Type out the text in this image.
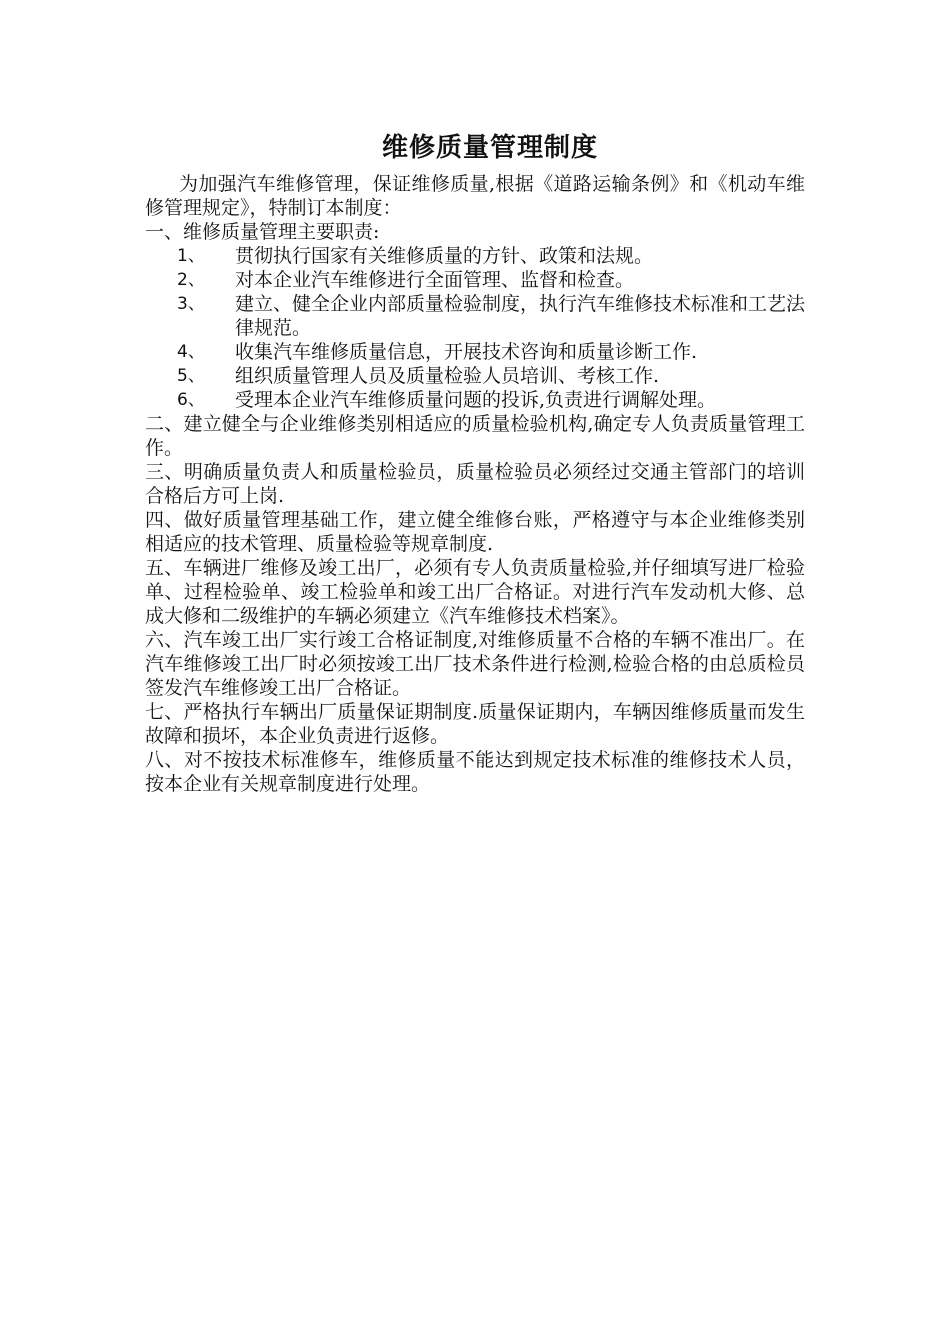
维修质量管理制度

为加强汽车维修管理，保证维修质量,根据《道路运输条例》和《机动车维修管理规定》，特制订本制度：

一、维修质量管理主要职责:

1、	贯彻执行国家有关维修质量的方针、政策和法规。
2、	对本企业汽车维修进行全面管理、监督和检查。
3、	建立、健全企业内部质量检验制度，执行汽车维修技术标准和工艺法律规范。
4、	收集汽车维修质量信息，开展技术咨询和质量诊断工作.
5、	组织质量管理人员及质量检验人员培训、考核工作.
6、	受理本企业汽车维修质量问题的投诉,负责进行调解处理。

二、建立健全与企业维修类别相适应的质量检验机构,确定专人负责质量管理工作。

三、明确质量负责人和质量检验员，质量检验员必须经过交通主管部门的培训合格后方可上岗.

四、做好质量管理基础工作，建立健全维修台账，严格遵守与本企业维修类别相适应的技术管理、质量检验等规章制度.

五、车辆进厂维修及竣工出厂，必须有专人负责质量检验,并仔细填写进厂检验单、过程检验单、竣工检验单和竣工出厂合格证。对进行汽车发动机大修、总成大修和二级维护的车辆必须建立《汽车维修技术档案》。

六、汽车竣工出厂实行竣工合格证制度,对维修质量不合格的车辆不准出厂。在汽车维修竣工出厂时必须按竣工出厂技术条件进行检测,检验合格的由总质检员签发汽车维修竣工出厂合格证。

七、严格执行车辆出厂质量保证期制度.质量保证期内，车辆因维修质量而发生故障和损坏，本企业负责进行返修。

八、对不按技术标准修车，维修质量不能达到规定技术标准的维修技术人员，按本企业有关规章制度进行处理。
